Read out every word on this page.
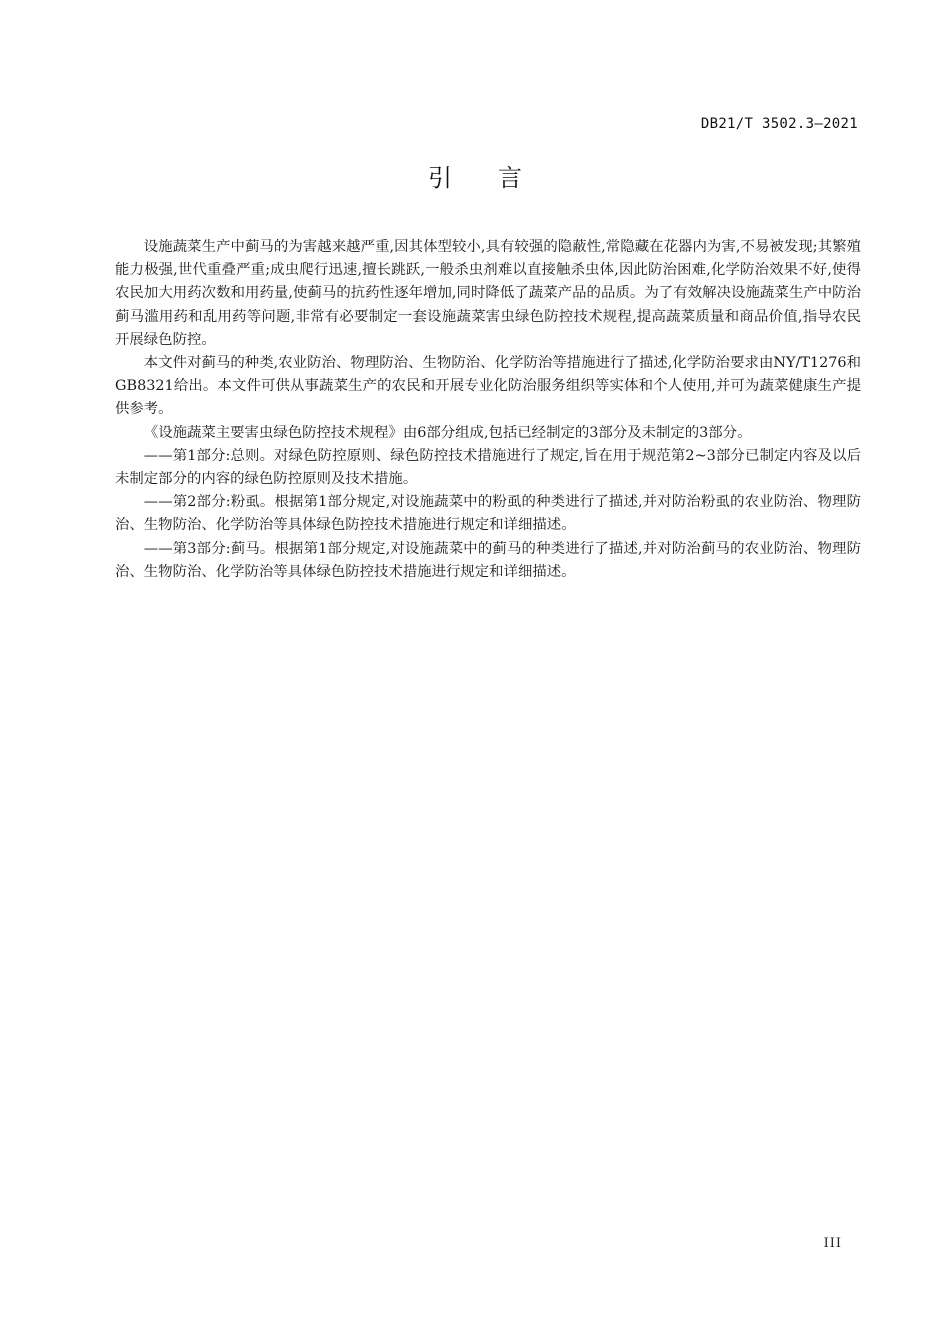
DB21/T 3502.3—2021
引言

设施蔬菜生产中蓟马的为害越来越严重,因其体型较小,具有较强的隐蔽性,常隐藏在花器内为害,不易被发现;其繁殖能力极强,世代重叠严重;成虫爬行迅速,擅长跳跃,一般杀虫剂难以直接触杀虫体,因此防治困难,化学防治效果不好,使得农民加大用药次数和用药量,使蓟马的抗药性逐年增加,同时降低了蔬菜产品的品质。为了有效解决设施蔬菜生产中防治蓟马滥用药和乱用药等问题,非常有必要制定一套设施蔬菜害虫绿色防控技术规程,提高蔬菜质量和商品价值,指导农民开展绿色防控。

本文件对蓟马的种类,农业防治、物理防治、生物防治、化学防治等措施进行了描述,化学防治要求由NY/T1276和GB8321给出。本文件可供从事蔬菜生产的农民和开展专业化防治服务组织等实体和个人使用,并可为蔬菜健康生产提供参考。

《设施蔬菜主要害虫绿色防控技术规程》由6部分组成,包括已经制定的3部分及未制定的3部分。

——第1部分:总则。对绿色防控原则、绿色防控技术措施进行了规定,旨在用于规范第2~3部分已制定内容及以后未制定部分的内容的绿色防控原则及技术措施。

——第2部分:粉虱。根据第1部分规定,对设施蔬菜中的粉虱的种类进行了描述,并对防治粉虱的农业防治、物理防治、生物防治、化学防治等具体绿色防控技术措施进行规定和详细描述。

——第3部分:蓟马。根据第1部分规定,对设施蔬菜中的蓟马的种类进行了描述,并对防治蓟马的农业防治、物理防治、生物防治、化学防治等具体绿色防控技术措施进行规定和详细描述。

III
